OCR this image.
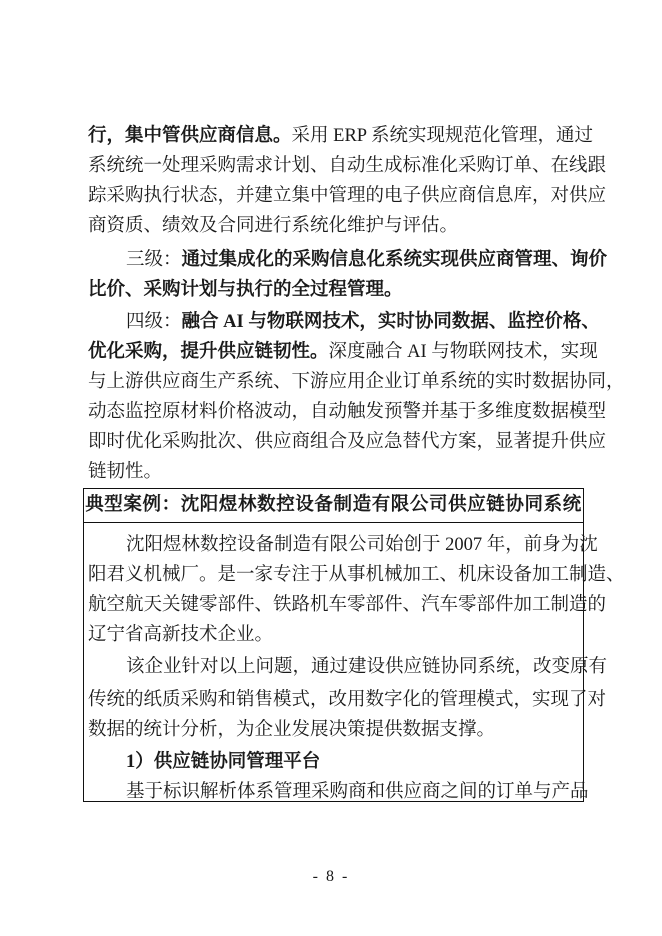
行，集中管供应商信息。采用 ERP 系统实现规范化管理，通过
系统统一处理采购需求计划、自动生成标准化采购订单、在线跟
踪采购执行状态，并建立集中管理的电子供应商信息库，对供应
商资质、绩效及合同进行系统化维护与评估。
三级：通过集成化的采购信息化系统实现供应商管理、询价
比价、采购计划与执行的全过程管理。
四级：融合 AI 与物联网技术，实时协同数据、监控价格、
优化采购，提升供应链韧性。深度融合 AI 与物联网技术，实现
与上游供应商生产系统、下游应用企业订单系统的实时数据协同，
动态监控原材料价格波动，自动触发预警并基于多维度数据模型
即时优化采购批次、供应商组合及应急替代方案，显著提升供应
链韧性。
典型案例：沈阳煜林数控设备制造有限公司供应链协同系统
沈阳煜林数控设备制造有限公司始创于 2007 年，前身为沈
阳君义机械厂。是一家专注于从事机械加工、机床设备加工制造、
航空航天关键零部件、铁路机车零部件、汽车零部件加工制造的
辽宁省高新技术企业。
该企业针对以上问题，通过建设供应链协同系统，改变原有
传统的纸质采购和销售模式，改用数字化的管理模式，实现了对
数据的统计分析，为企业发展决策提供数据支撑。
1）供应链协同管理平台
基于标识解析体系管理采购商和供应商之间的订单与产品
- 8 -
